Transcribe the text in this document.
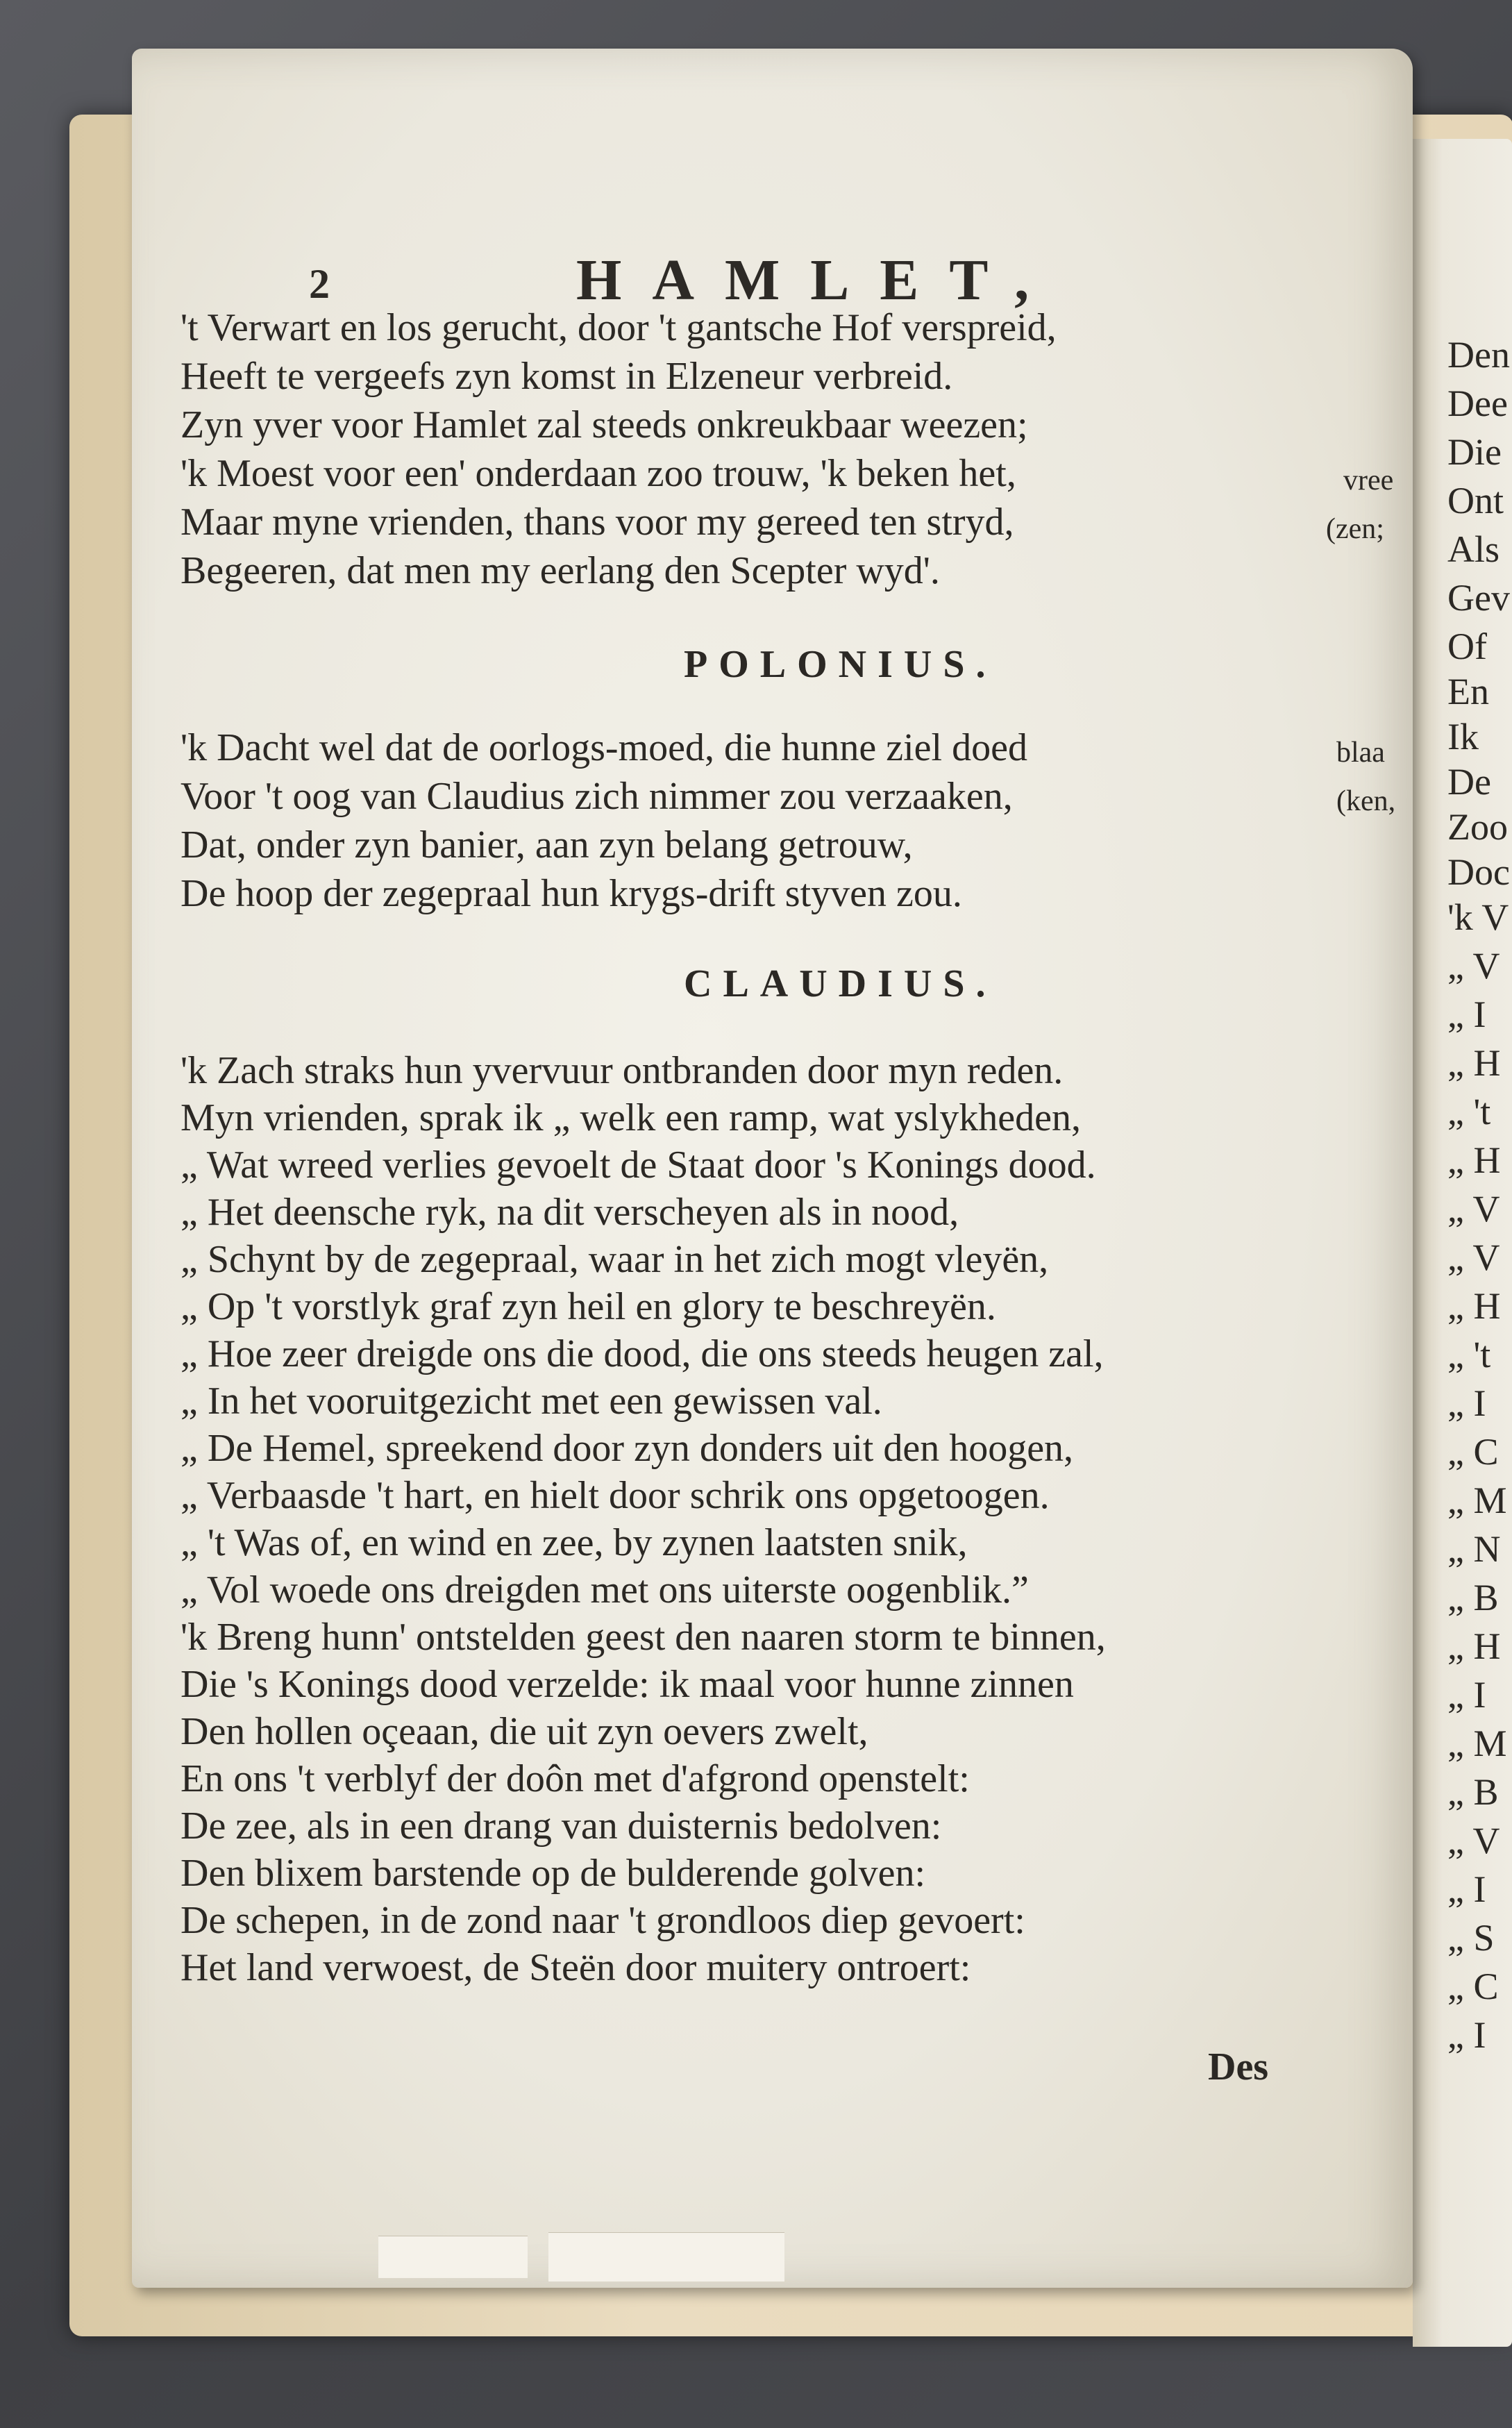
2	HAMLET,
't Verwart en los gerucht, door 't gantsche Hof verspreid,
Heeft te vergeefs zyn komst in Elzeneur verbreid.
Zyn yver voor Hamlet zal steeds onkreukbaar weezen;
'k Moest voor een' onderdaan zoo trouw, 'k beken het,
Maar myne vrienden, thans voor my gereed ten stryd,
Begeeren, dat men my eerlang den Scepter wyd'.
vree
(zen;
POLONIUS.
'k Dacht wel dat de oorlogs-moed, die hunne ziel doed
Voor 't oog van Claudius zich nimmer zou verzaaken,
Dat, onder zyn banier, aan zyn belang getrouw,
De hoop der zegepraal hun krygs-drift styven zou.
blaa
(ken,
CLAUDIUS.
'k Zach straks hun yvervuur ontbranden door myn reden.
Myn vrienden, sprak ik „ welk een ramp, wat yslykheden,
„ Wat wreed verlies gevoelt de Staat door 's Konings dood.
„ Het deensche ryk, na dit verscheyen als in nood,
„ Schynt by de zegepraal, waar in het zich mogt vleyën,
„ Op 't vorstlyk graf zyn heil en glory te beschreyën.
„ Hoe zeer dreigde ons die dood, die ons steeds heugen zal,
„ In het vooruitgezicht met een gewissen val.
„ De Hemel, spreekend door zyn donders uit den hoogen,
„ Verbaasde 't hart, en hielt door schrik ons opgetoogen.
„ 't Was of, en wind en zee, by zynen laatsten snik,
„ Vol woede ons dreigden met ons uiterste oogenblik.”
'k Breng hunn' ontstelden geest den naaren storm te binnen,
Die 's Konings dood verzelde: ik maal voor hunne zinnen
Den hollen oçeaan, die uit zyn oevers zwelt,
En ons 't verblyf der doôn met d'afgrond openstelt:
De zee, als in een drang van duisternis bedolven:
Den blixem barstende op de bulderende golven:
De schepen, in de zond naar 't grondloos diep gevoert:
Het land verwoest, de Steën door muitery ontroert:
Des
Den
Dee
Die
Ont
Als
Gev
Of
En
Ik
De
Zoo
Doc
'k V
„ V
„ I
„ H
„ 't
„ H
„ V
„ V
„ H
„ 't
„ I
„ C
„ M
„ N
„ B
„ H
„ I
„ M
„ B
„ V
„ I
„ S
„ C
„ I
